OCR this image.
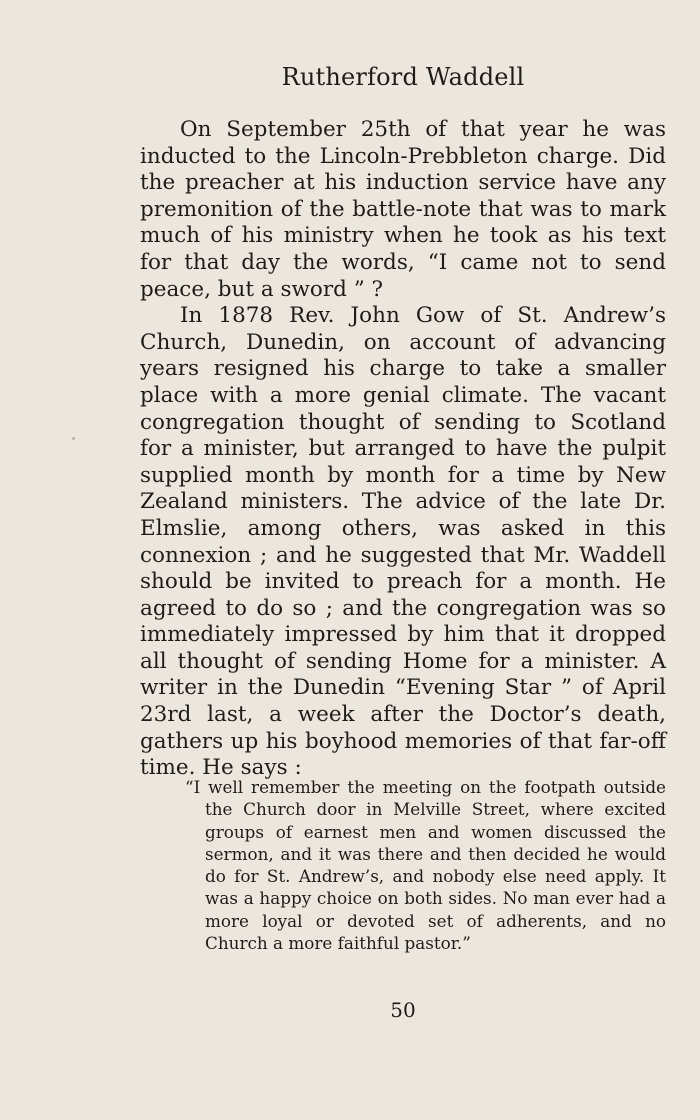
Rutherford Waddell

On September 25th of that year he was inducted to the Lincoln-Prebbleton charge. Did the preacher at his induction service have any premonition of the battle-note that was to mark much of his ministry when he took as his text for that day the words, “I came not to send peace, but a sword ” ?

In 1878 Rev. John Gow of St. Andrew’s Church, Dunedin, on account of advancing years resigned his charge to take a smaller place with a more genial climate. The vacant congregation thought of sending to Scotland for a minister, but arranged to have the pulpit supplied month by month for a time by New Zealand ministers. The advice of the late Dr. Elmslie, among others, was asked in this connexion ; and he suggested that Mr. Waddell should be invited to preach for a month. He agreed to do so ; and the congregation was so immediately impressed by him that it dropped all thought of sending Home for a minister. A writer in the Dunedin “Evening Star ” of April 23rd last, a week after the Doctor’s death, gathers up his boyhood memories of that far-off time. He says :

“I well remember the meeting on the footpath outside the Church door in Melville Street, where excited groups of earnest men and women discussed the sermon, and it was there and then decided he would do for St. Andrew’s, and nobody else need apply. It was a happy choice on both sides. No man ever had a more loyal or devoted set of adherents, and no Church a more faithful pastor.”

50
